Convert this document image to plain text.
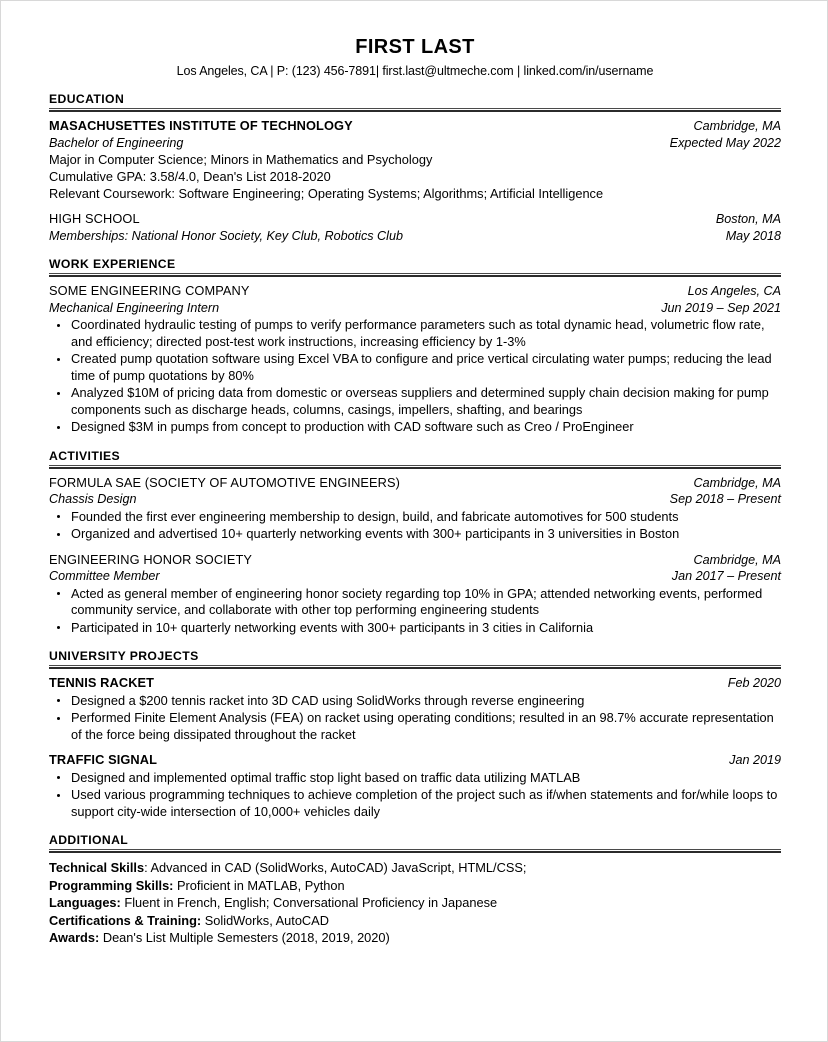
FIRST LAST
Los Angeles, CA | P: (123) 456-7891| first.last@ultmeche.com | linked.com/in/username
EDUCATION
MASACHUSETTES INSTITUTE OF TECHNOLOGY	Cambridge, MA
Bachelor of Engineering	Expected May 2022
Major in Computer Science; Minors in Mathematics and Psychology
Cumulative GPA: 3.58/4.0, Dean's List 2018-2020
Relevant Coursework: Software Engineering; Operating Systems; Algorithms; Artificial Intelligence
HIGH SCHOOL	Boston, MA
Memberships: National Honor Society, Key Club, Robotics Club	May 2018
WORK EXPERIENCE
SOME ENGINEERING COMPANY	Los Angeles, CA
Mechanical Engineering Intern	Jun 2019 – Sep 2021
Coordinated hydraulic testing of pumps to verify performance parameters such as total dynamic head, volumetric flow rate, and efficiency; directed post-test work instructions, increasing efficiency by 1-3%
Created pump quotation software using Excel VBA to configure and price vertical circulating water pumps; reducing the lead time of pump quotations by 80%
Analyzed $10M of pricing data from domestic or overseas suppliers and determined supply chain decision making for pump components such as discharge heads, columns, casings, impellers, shafting, and bearings
Designed $3M in pumps from concept to production with CAD software such as Creo / ProEngineer
ACTIVITIES
FORMULA SAE (SOCIETY OF AUTOMOTIVE ENGINEERS)	Cambridge, MA
Chassis Design	Sep 2018 – Present
Founded the first ever engineering membership to design, build, and fabricate automotives for 500 students
Organized and advertised 10+ quarterly networking events with 300+ participants in 3 universities in Boston
ENGINEERING HONOR SOCIETY	Cambridge, MA
Committee Member	Jan 2017 – Present
Acted as general member of engineering honor society regarding top 10% in GPA; attended networking events, performed community service, and collaborate with other top performing engineering students
Participated in 10+ quarterly networking events with 300+ participants in 3 cities in California
UNIVERSITY PROJECTS
TENNIS RACKET	Feb 2020
Designed a $200 tennis racket into 3D CAD using SolidWorks through reverse engineering
Performed Finite Element Analysis (FEA) on racket using operating conditions; resulted in an 98.7% accurate representation of the force being dissipated throughout the racket
TRAFFIC SIGNAL	Jan 2019
Designed and implemented optimal traffic stop light based on traffic data utilizing MATLAB
Used various programming techniques to achieve completion of the project such as if/when statements and for/while loops to support city-wide intersection of 10,000+ vehicles daily
ADDITIONAL
Technical Skills: Advanced in CAD (SolidWorks, AutoCAD) JavaScript, HTML/CSS;
Programming Skills: Proficient in MATLAB, Python
Languages: Fluent in French, English; Conversational Proficiency in Japanese
Certifications & Training: SolidWorks, AutoCAD
Awards: Dean's List Multiple Semesters (2018, 2019, 2020)
